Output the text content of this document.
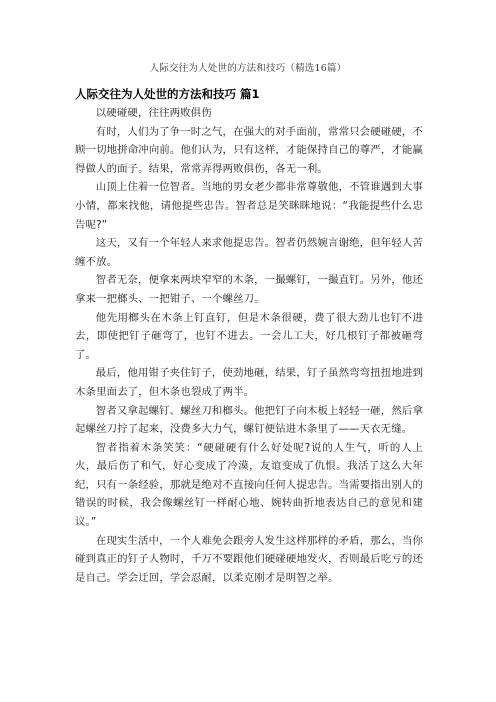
人际交往为人处世的方法和技巧（精选16篇）
人际交往为人处世的方法和技巧 篇1

以硬碰硬，往往两败俱伤

有时，人们为了争一时之气，在强大的对手面前，常常只会硬碰硬，不顾一切地拼命冲向前。他们认为，只有这样，才能保持自己的尊严，才能赢得做人的面子。结果，常常弄得两败俱伤，各无一利。

山顶上住着一位智者。当地的男女老少都非常尊敬他，不管谁遇到大事小情，都来找他，请他提些忠告。智者总是笑眯眯地说：“我能提些什么忠告呢?”

这天，又有一个年轻人来求他提忠告。智者仍然婉言谢绝，但年轻人苦缠不放。

智者无奈，便拿来两块窄窄的木条，一撮螺钉，一撮直钉。另外，他还拿来一把榔头、一把钳子、一个螺丝刀。

他先用榔头在木条上钉直钉，但是木条很硬，费了很大劲儿也钉不进去，即使把钉子砸弯了，也钉不进去。一会儿工夫，好几根钉子都被砸弯了。

最后，他用钳子夹住钉子，使劲地砸，结果，钉子虽然弯弯扭扭地进到木条里面去了，但木条也裂成了两半。

智者又拿起螺钉、螺丝刀和榔头。他把钉子向木板上轻轻一砸，然后拿起螺丝刀拧了起来，没费多大力气，螺钉便钻进木条里了——天衣无缝。

智者指着木条笑笑：“硬碰硬有什么好处呢?说的人生气，听的人上火，最后伤了和气，好心变成了冷漠，友谊变成了仇恨。我活了这么大年纪，只有一条经验，那就是绝对不直接向任何人提忠告。当需要指出别人的错误的时候，我会像螺丝钉一样耐心地、婉转曲折地表达自己的意见和建议。”

在现实生活中，一个人难免会跟旁人发生这样那样的矛盾，那么，当你碰到真正的钉子人物时，千万不要跟他们硬碰硬地发火，否则最后吃亏的还是自己。学会迂回，学会忍耐，以柔克刚才是明智之举。
